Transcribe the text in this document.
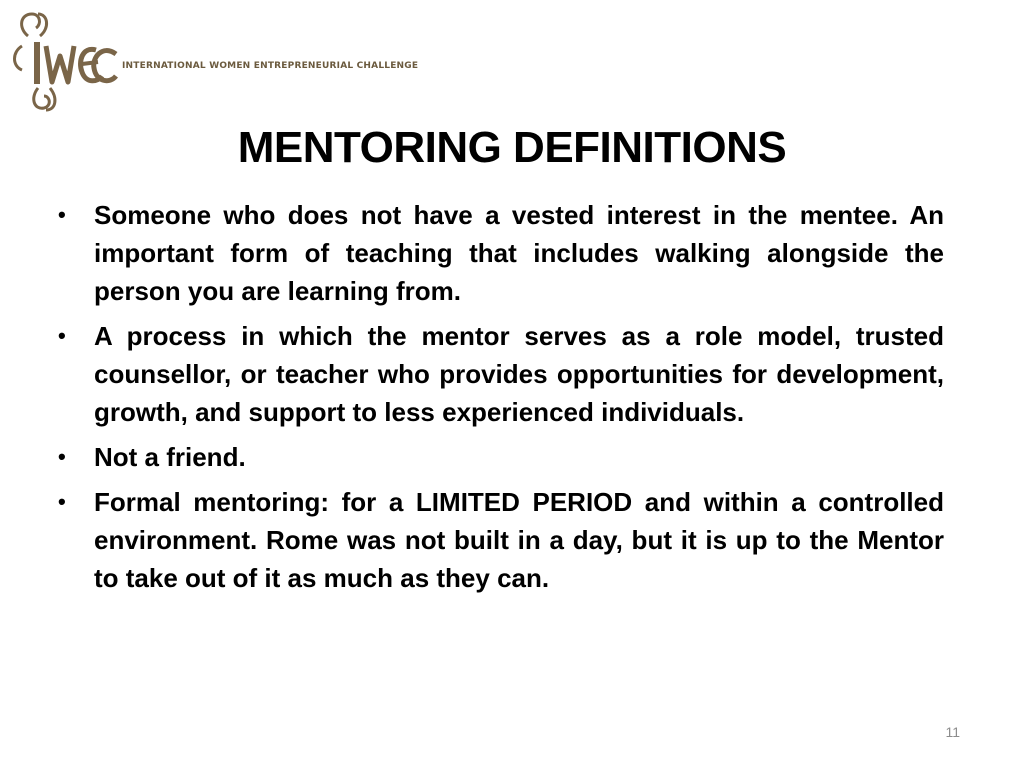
INTERNATIONAL WOMEN ENTREPRENEURIAL CHALLENGE
MENTORING DEFINITIONS
• Someone who does not have a vested interest in the mentee. An important form of teaching that includes walking alongside the person you are learning from.
• A process in which the mentor serves as a role model, trusted counsellor, or teacher who provides opportunities for development, growth, and support to less experienced individuals.
• Not a friend.
• Formal mentoring: for a LIMITED PERIOD and within a controlled environment. Rome was not built in a day, but it is up to the Mentor to take out of it as much as they can.
11
